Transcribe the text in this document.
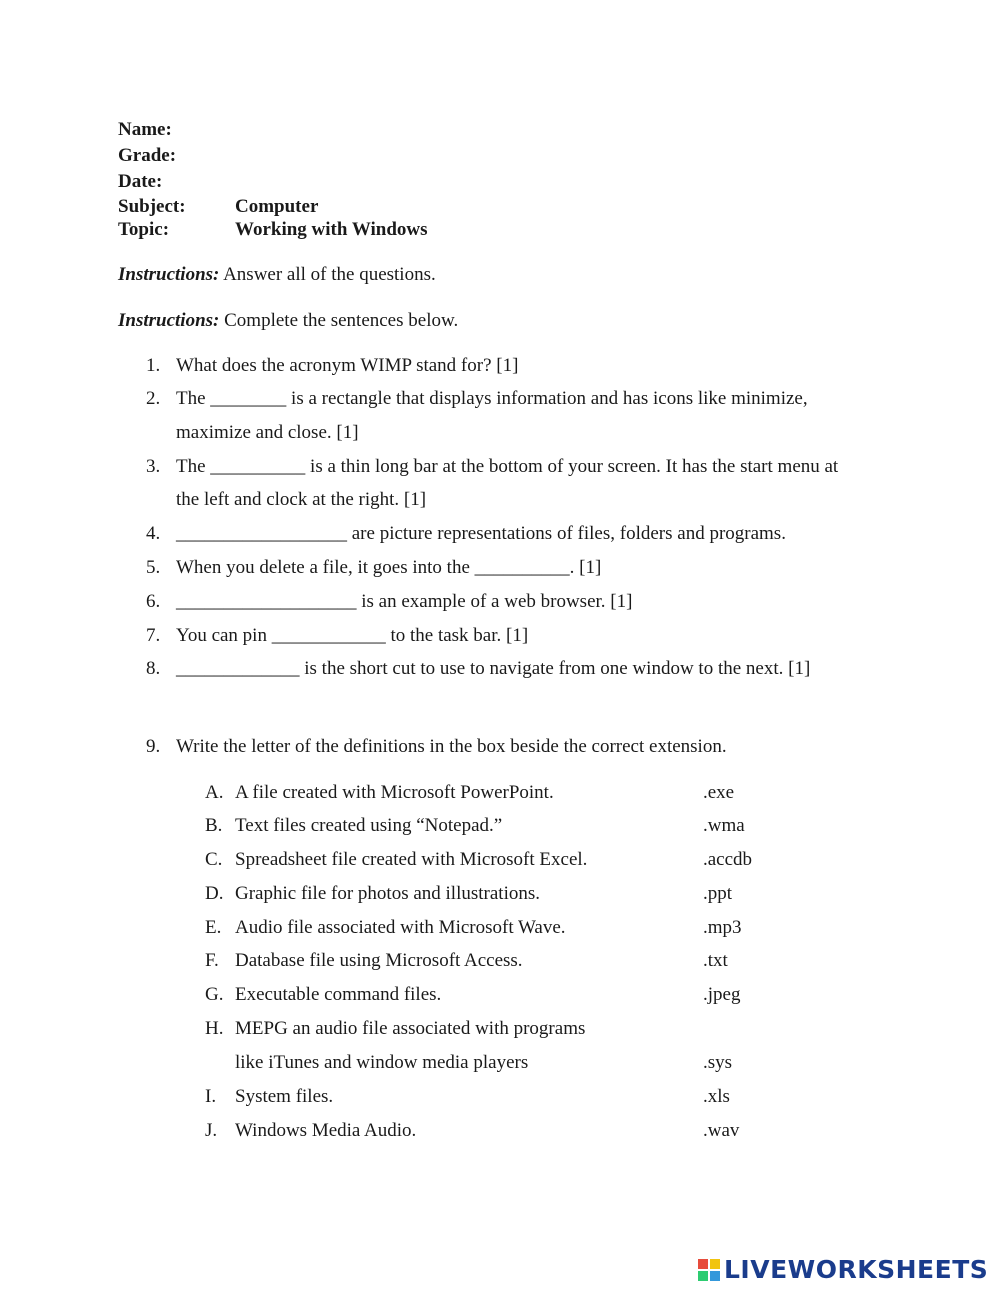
Name:
Grade:
Date:
Subject:	Computer
Topic:	Working with Windows
Instructions: Answer all of the questions.
Instructions: Complete the sentences below.
1. What does the acronym WIMP stand for? [1]
2. The ________ is a rectangle that displays information and has icons like minimize,
maximize and close. [1]
3. The __________ is a thin long bar at the bottom of your screen. It has the start menu at
the left and clock at the right. [1]
4. __________________ are picture representations of files, folders and programs.
5. When you delete a file, it goes into the __________. [1]
6. ___________________ is an example of a web browser. [1]
7. You can pin ____________ to the task bar. [1]
8. _____________ is the short cut to use to navigate from one window to the next. [1]
9. Write the letter of the definitions in the box beside the correct extension.
A. A file created with Microsoft PowerPoint.	.exe
B. Text files created using “Notepad.”	.wma
C. Spreadsheet file created with Microsoft Excel.	.accdb
D. Graphic file for photos and illustrations.	.ppt
E. Audio file associated with Microsoft Wave.	.mp3
F. Database file using Microsoft Access.	.txt
G. Executable command files.	.jpeg
H. MEPG an audio file associated with programs
like iTunes and window media players	.sys
I. System files.	.xls
J. Windows Media Audio.	.wav
LIVEWORKSHEETS
